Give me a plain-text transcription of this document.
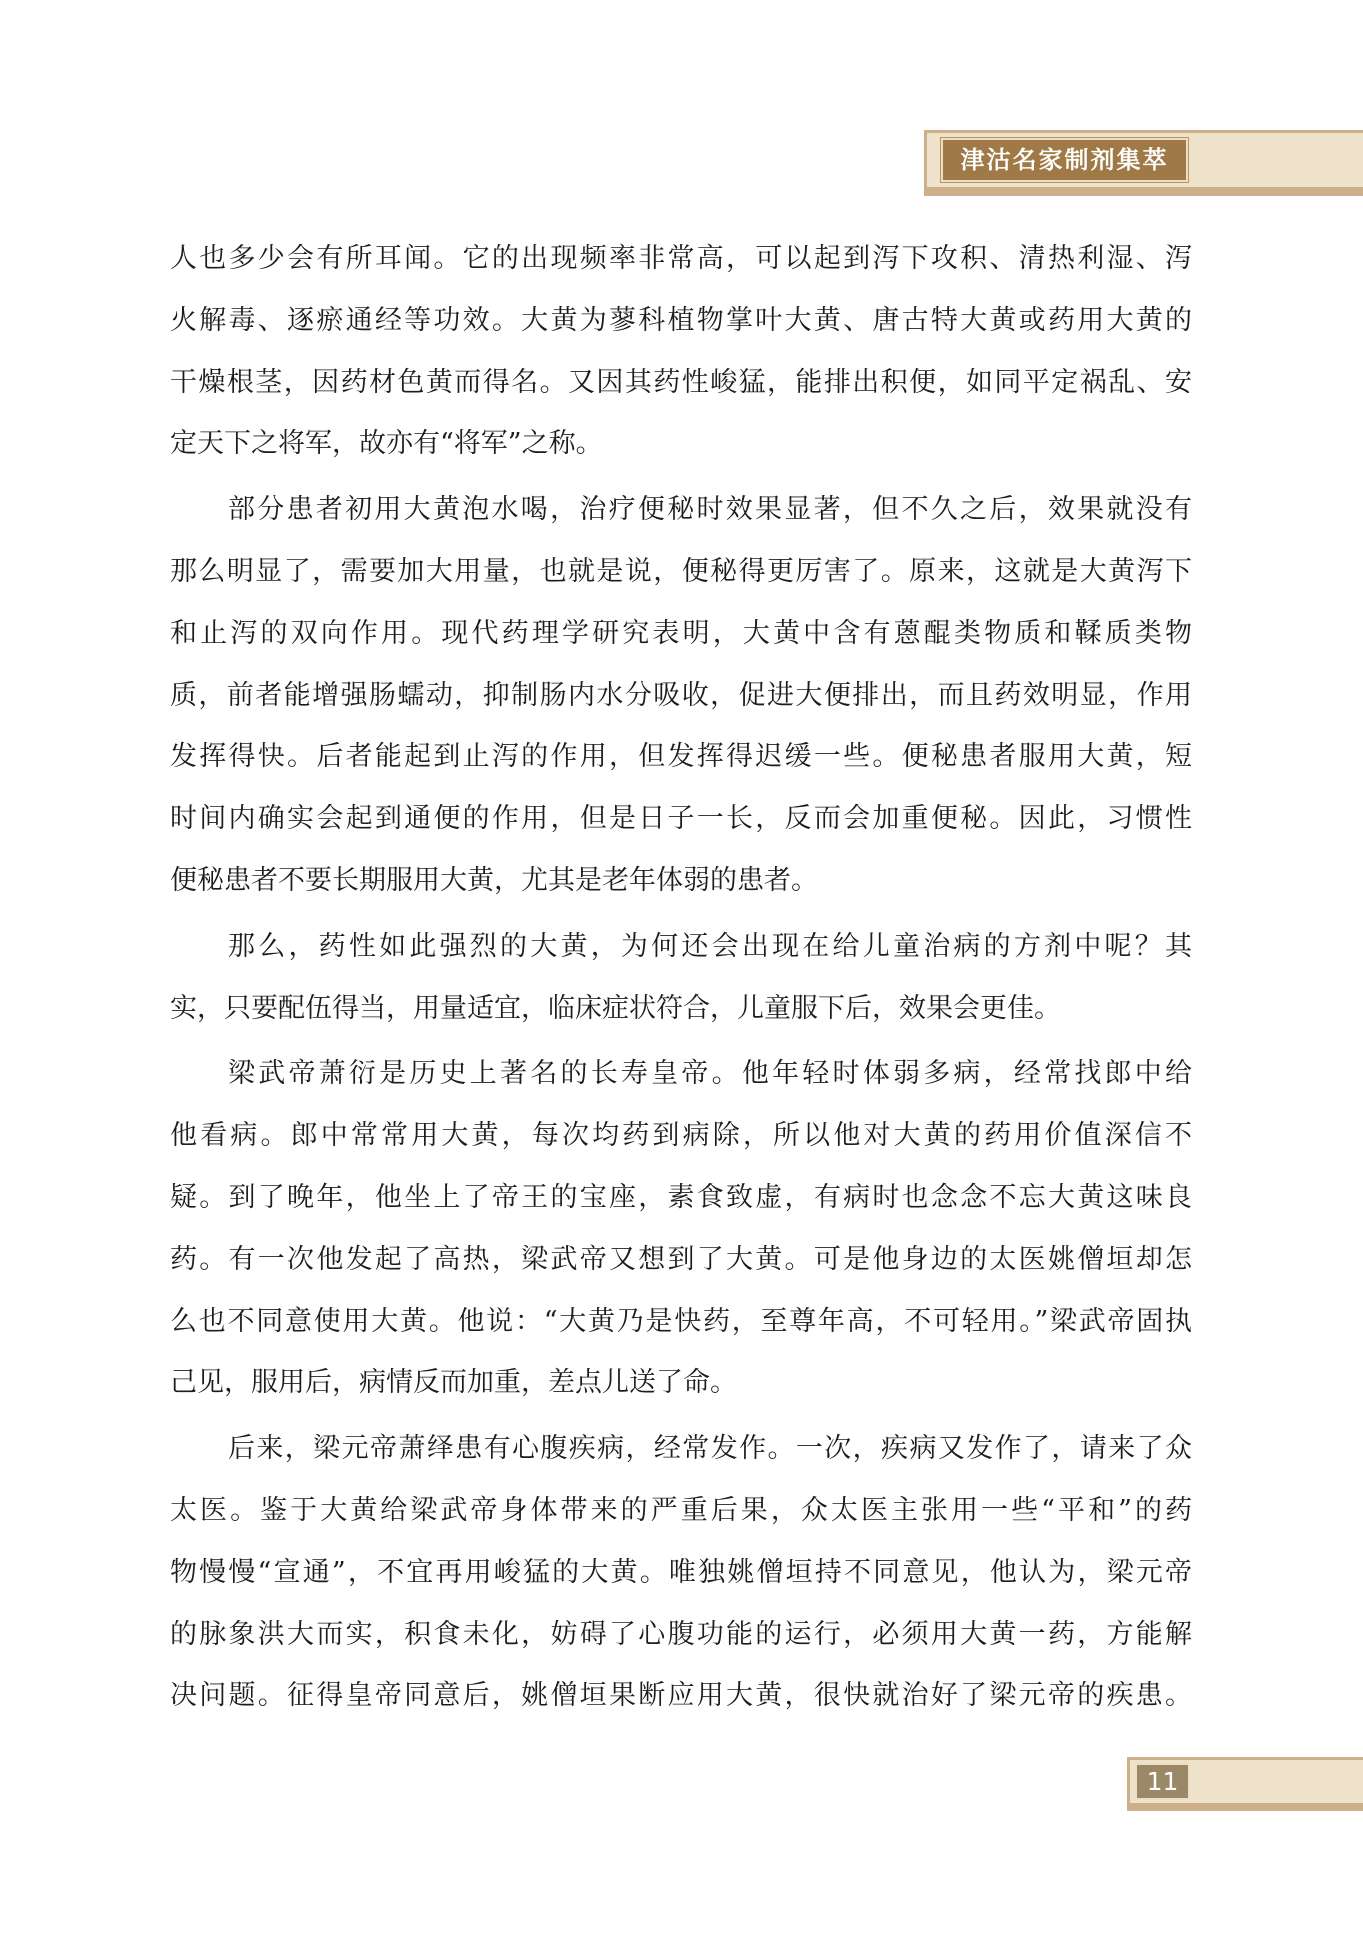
津沽名家制剂集萃
人也多少会有所耳闻。它的出现频率非常高，可以起到泻下攻积、清热利湿、泻
火解毒、逐瘀通经等功效。大黄为蓼科植物掌叶大黄、唐古特大黄或药用大黄的
干燥根茎，因药材色黄而得名。又因其药性峻猛，能排出积便，如同平定祸乱、安
定天下之将军，故亦有“将军”之称。
部分患者初用大黄泡水喝，治疗便秘时效果显著，但不久之后，效果就没有
那么明显了，需要加大用量，也就是说，便秘得更厉害了。原来，这就是大黄泻下
和止泻的双向作用。现代药理学研究表明，大黄中含有蒽醌类物质和鞣质类物
质，前者能增强肠蠕动，抑制肠内水分吸收，促进大便排出，而且药效明显，作用
发挥得快。后者能起到止泻的作用，但发挥得迟缓一些。便秘患者服用大黄，短
时间内确实会起到通便的作用，但是日子一长，反而会加重便秘。因此，习惯性
便秘患者不要长期服用大黄，尤其是老年体弱的患者。
那么，药性如此强烈的大黄，为何还会出现在给儿童治病的方剂中呢？其
实，只要配伍得当，用量适宜，临床症状符合，儿童服下后，效果会更佳。
梁武帝萧衍是历史上著名的长寿皇帝。他年轻时体弱多病，经常找郎中给
他看病。郎中常常用大黄，每次均药到病除，所以他对大黄的药用价值深信不
疑。到了晚年，他坐上了帝王的宝座，素食致虚，有病时也念念不忘大黄这味良
药。有一次他发起了高热，梁武帝又想到了大黄。可是他身边的太医姚僧垣却怎
么也不同意使用大黄。他说：“大黄乃是快药，至尊年高，不可轻用。”梁武帝固执
己见，服用后，病情反而加重，差点儿送了命。
后来，梁元帝萧绎患有心腹疾病，经常发作。一次，疾病又发作了，请来了众
太医。鉴于大黄给梁武帝身体带来的严重后果，众太医主张用一些“平和”的药
物慢慢“宣通”，不宜再用峻猛的大黄。唯独姚僧垣持不同意见，他认为，梁元帝
的脉象洪大而实，积食未化，妨碍了心腹功能的运行，必须用大黄一药，方能解
决问题。征得皇帝同意后，姚僧垣果断应用大黄，很快就治好了梁元帝的疾患。
11
